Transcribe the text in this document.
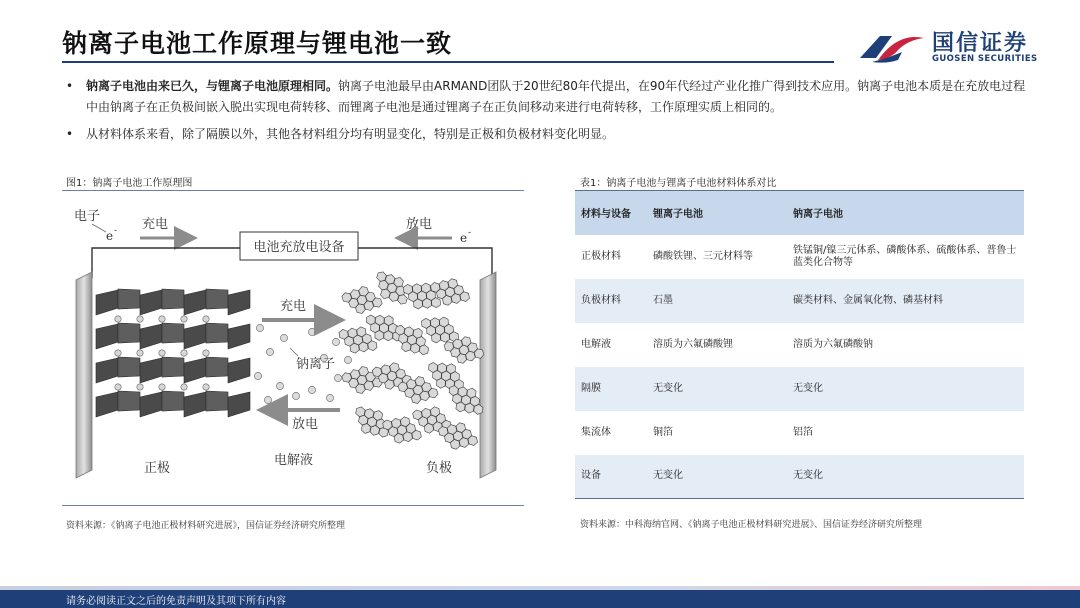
钠离子电池工作原理与锂电池一致	国信证券
GUOSEN SECURITIES
• 钠离子电池由来已久，与锂离子电池原理相同。钠离子电池最早由ARMAND团队于20世纪80年代提出，在90年代经过产业化推广得到技术应用。钠离子电池本质是在充放电过程中由钠离子在正负极间嵌入脱出实现电荷转移、而锂离子电池是通过锂离子在正负间移动来进行电荷转移，工作原理实质上相同的。
• 从材料体系来看，除了隔膜以外，其他各材料组分均有明显变化，特别是正极和负极材料变化明显。
图1：钠离子电池工作原理图
电子
e - 充电
电池充放电设备
放电
e -
充电
钠离子
放电
正极
电解液
负极
资料来源：《钠离子电池正极材料研究进展》，国信证券经济研究所整理
表1：钠离子电池与锂离子电池材料体系对比
材料与设备	锂离子电池	钠离子电池
正极材料	磷酸铁锂、三元材料等	铁锰铜/镍三元体系、磷酸体系、硫酸体系、普鲁士蓝类化合物等
负极材料	石墨	碳类材料、金属氧化物、磷基材料
电解液	溶质为六氟磷酸锂	溶质为六氟磷酸钠
隔膜	无变化	无变化
集流体	铜箔	铝箔
设备	无变化	无变化
资料来源：中科海纳官网、《钠离子电池正极材料研究进展》、国信证券经济研究所整理
请务必阅读正文之后的免责声明及其项下所有内容
